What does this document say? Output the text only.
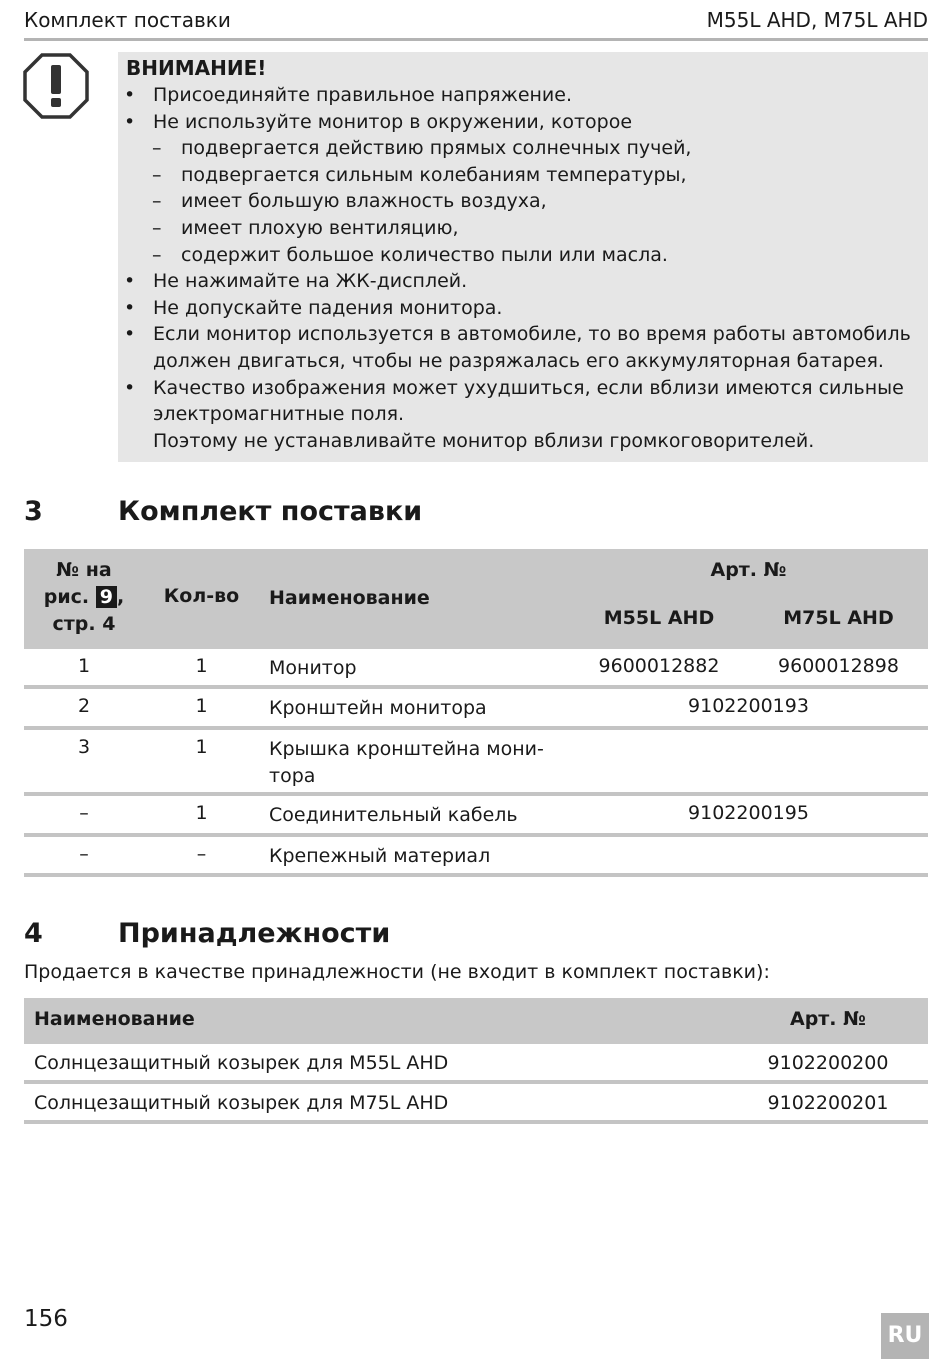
Комплект поставки	M55L AHD, M75L AHD
ВНИМАНИЕ!
• Присоединяйте правильное напряжение.
• Не используйте монитор в окружении, которое
– подвергается действию прямых солнечных пучей,
– подвергается сильным колебаниям температуры,
– имеет большую влажность воздуха,
– имеет плохую вентиляцию,
– содержит большое количество пыли или масла.
• Не нажимайте на ЖК-дисплей.
• Не допускайте падения монитора.
• Если монитор используется в автомобиле, то во время работы автомобиль
должен двигаться, чтобы не разряжалась его аккумуляторная батарея.
• Качество изображения может ухудшиться, если вблизи имеются сильные
электромагнитные поля.
Поэтому не устанавливайте монитор вблизи громкоговорителей.
3	Комплект поставки
№ на
рис. 9 ,
стр. 4
Кол-во	Наименование
Арт. №
M55L AHD	M75L AHD
1	1	Монитор	9600012882	9600012898
2	1	Кронштейн монитора	9102200193
3	1	Крышка кронштейна мони-
тора
–	1	Соединительный кабель	9102200195
–	–	Крепежный материал
4	Принадлежности
Продается в качестве принадлежности (не входит в комплект поставки):
Наименование	Арт. №
Солнцезащитный козырек для M55L AHD	9102200200
Солнцезащитный козырек для M75L AHD	9102200201
156
RU
